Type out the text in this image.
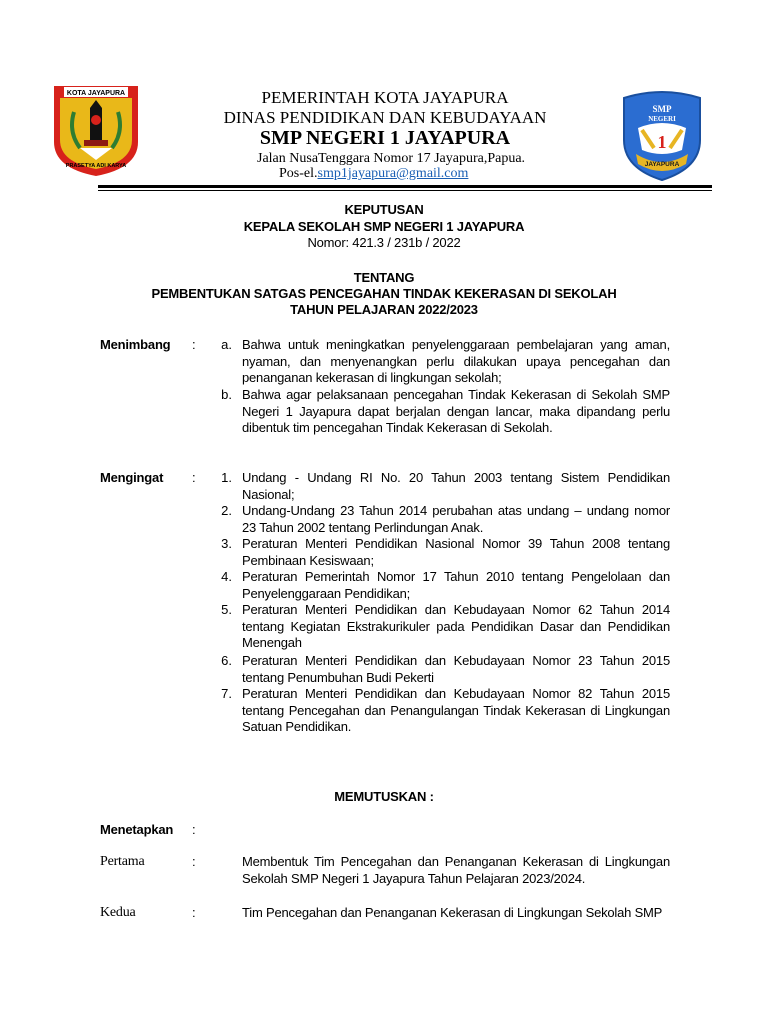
KOTA JAYAPURA
PRASETYA ADI KARYA
SMP
NEGERI
1
JAYAPURA
PEMERINTAH KOTA JAYAPURA
DINAS PENDIDIKAN DAN KEBUDAYAAN
SMP NEGERI 1 JAYAPURA
Jalan NusaTenggara Nomor 17 Jayapura,Papua.
Pos-el.smp1jayapura@gmail.com
KEPUTUSAN
KEPALA SEKOLAH SMP NEGERI 1 JAYAPURA
Nomor: 421.3 / 231b / 2022
TENTANG
PEMBENTUKAN SATGAS PENCEGAHAN TINDAK KEKERASAN DI SEKOLAH
TAHUN PELAJARAN 2022/2023
Menimbang :	a. Bahwa untuk meningkatkan penyelenggaraan pembelajaran yang aman, nyaman, dan menyenangkan perlu dilakukan upaya pencegahan dan penanganan kekerasan di lingkungan sekolah;
b. Bahwa agar pelaksanaan pencegahan Tindak Kekerasan di Sekolah SMP Negeri 1 Jayapura dapat berjalan dengan lancar, maka dipandang perlu dibentuk tim pencegahan Tindak Kekerasan di Sekolah.
Mengingat :	1. Undang - Undang RI No. 20 Tahun 2003 tentang Sistem Pendidikan Nasional;
2. Undang-Undang 23 Tahun 2014 perubahan atas undang – undang nomor 23 Tahun 2002 tentang Perlindungan Anak.
3. Peraturan Menteri Pendidikan Nasional Nomor 39 Tahun 2008 tentang Pembinaan Kesiswaan;
4. Peraturan Pemerintah Nomor 17 Tahun 2010 tentang Pengelolaan dan Penyelenggaraan Pendidikan;
5. Peraturan Menteri Pendidikan dan Kebudayaan Nomor 62 Tahun 2014 tentang Kegiatan Ekstrakurikuler pada Pendidikan Dasar dan Pendidikan Menengah
6. Peraturan Menteri Pendidikan dan Kebudayaan Nomor 23 Tahun 2015 tentang Penumbuhan Budi Pekerti
7. Peraturan Menteri Pendidikan dan Kebudayaan Nomor 82 Tahun 2015 tentang Pencegahan dan Penangulangan Tindak Kekerasan di Lingkungan Satuan Pendidikan.
MEMUTUSKAN :
Menetapkan :
Pertama	:	Membentuk Tim Pencegahan dan Penanganan Kekerasan di Lingkungan Sekolah SMP Negeri 1 Jayapura Tahun Pelajaran 2023/2024.
Kedua	:	Tim Pencegahan dan Penanganan Kekerasan di Lingkungan Sekolah SMP
